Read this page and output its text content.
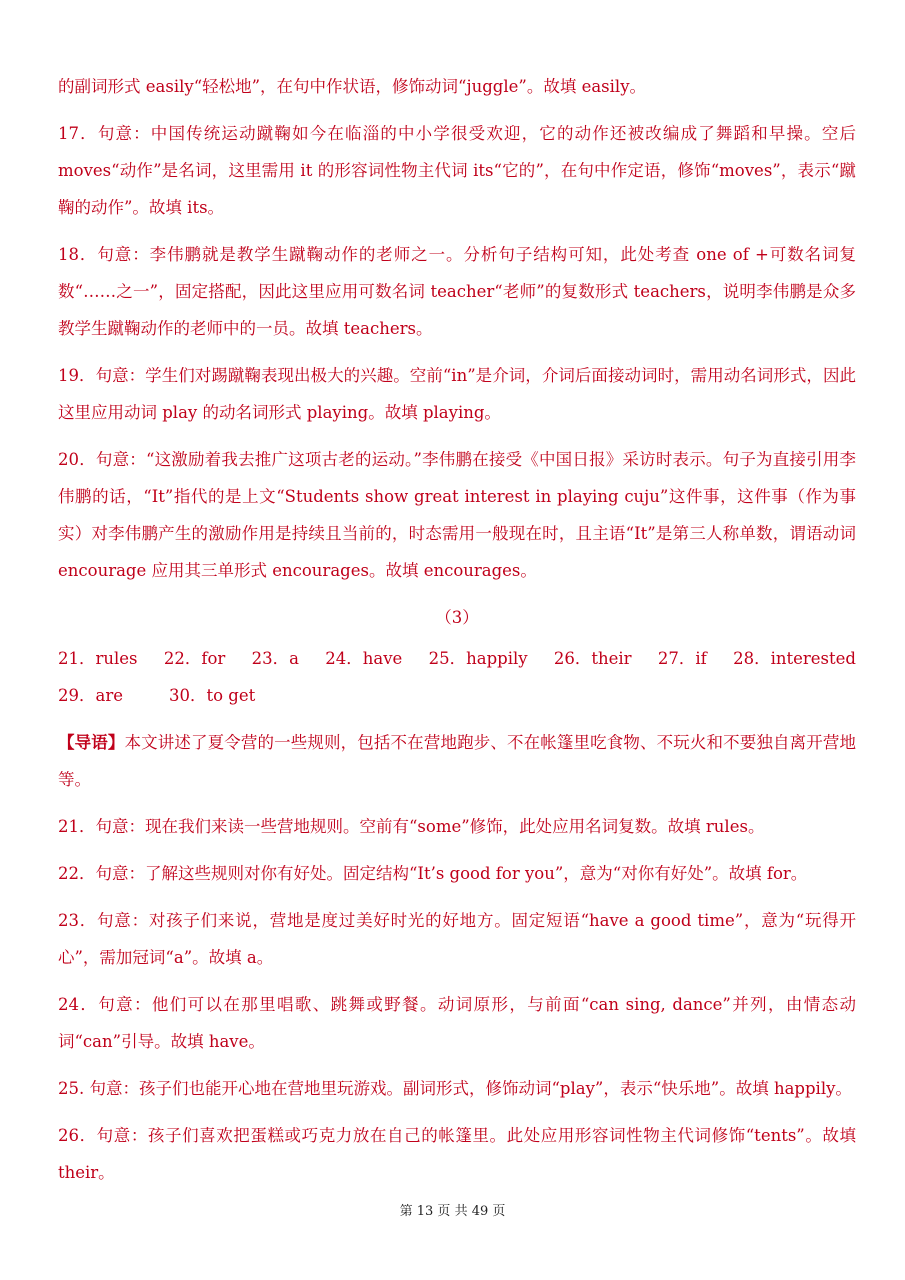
的副词形式 easily“轻松地”，在句中作状语，修饰动词“juggle”。故填 easily。

17．句意：中国传统运动蹴鞠如今在临淄的中小学很受欢迎，它的动作还被改编成了舞蹈和早操。空后 moves“动作”是名词，这里需用 it 的形容词性物主代词 its“它的”，在句中作定语，修饰“moves”，表示“蹴鞠的动作”。故填 its。

18．句意：李伟鹏就是教学生蹴鞠动作的老师之一。分析句子结构可知，此处考查 one of +可数名词复数“……之一”，固定搭配，因此这里应用可数名词 teacher“老师”的复数形式 teachers，说明李伟鹏是众多教学生蹴鞠动作的老师中的一员。故填 teachers。

19．句意：学生们对踢蹴鞠表现出极大的兴趣。空前“in”是介词，介词后面接动词时，需用动名词形式，因此这里应用动词 play 的动名词形式 playing。故填 playing。

20．句意：“这激励着我去推广这项古老的运动。”李伟鹏在接受《中国日报》采访时表示。句子为直接引用李伟鹏的话，“It”指代的是上文“Students show great interest in playing cuju”这件事，这件事（作为事实）对李伟鹏产生的激励作用是持续且当前的，时态需用一般现在时，且主语“It”是第三人称单数，谓语动词 encourage 应用其三单形式 encourages。故填 encourages。

（3）
21．rules 22．for 23．a 24．have 25．happily 26．their 27．if 28．interested
29．are	30．to get

【导语】本文讲述了夏令营的一些规则，包括不在营地跑步、不在帐篷里吃食物、不玩火和不要独自离开营地等。

21．句意：现在我们来读一些营地规则。空前有“some”修饰，此处应用名词复数。故填 rules。

22．句意：了解这些规则对你有好处。固定结构“It’s good for you”，意为“对你有好处”。故填 for。

23．句意：对孩子们来说，营地是度过美好时光的好地方。固定短语“have a good time”，意为“玩得开心”，需加冠词“a”。故填 a。

24．句意：他们可以在那里唱歌、跳舞或野餐。动词原形，与前面“can sing, dance”并列，由情态动词“can”引导。故填 have。

25. 句意：孩子们也能开心地在营地里玩游戏。副词形式，修饰动词“play”，表示“快乐地”。故填 happily。

26．句意：孩子们喜欢把蛋糕或巧克力放在自己的帐篷里。此处应用形容词性物主代词修饰“tents”。故填 their。

第 13 页 共 49 页
